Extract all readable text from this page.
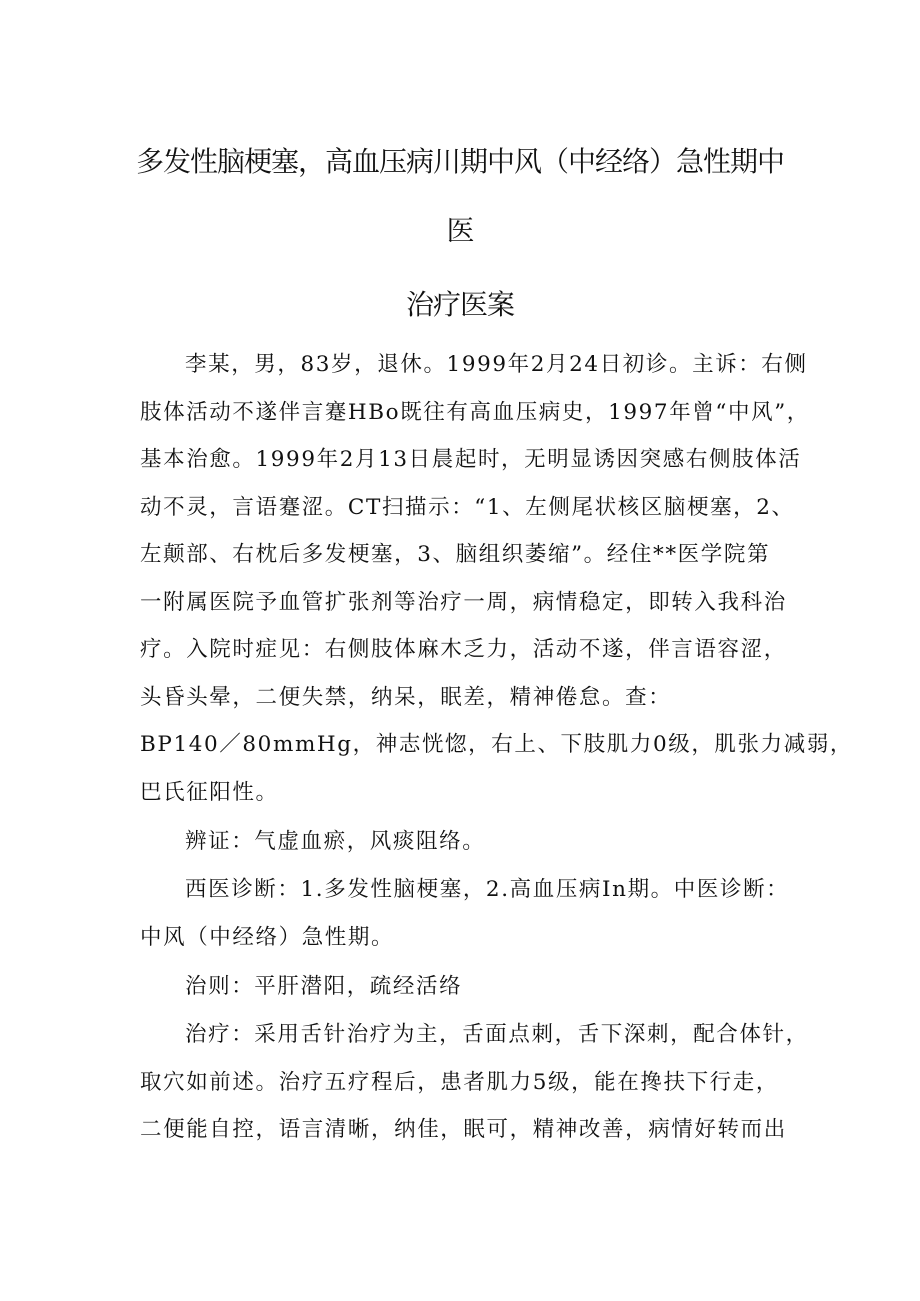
多发性脑梗塞，高血压病川期中风（中经络）急性期中
医
治疗医案
李某，男，83岁，退休。1999年2月24日初诊。主诉：右侧
肢体活动不遂伴言蹇HBo既往有高血压病史，1997年曾“中风”，
基本治愈。1999年2月13日晨起时，无明显诱因突感右侧肢体活
动不灵，言语蹇涩。CT扫描示：“1、左侧尾状核区脑梗塞，2、
左颠部、右枕后多发梗塞，3、脑组织萎缩”。经住**医学院第
一附属医院予血管扩张剂等治疗一周，病情稳定，即转入我科治
疗。入院时症见：右侧肢体麻木乏力，活动不遂，伴言语容涩，
头昏头晕，二便失禁，纳呆，眠差，精神倦怠。查：
BP140／80mmHg，神志恍惚，右上、下肢肌力0级，肌张力减弱，
巴氏征阳性。
辨证：气虚血瘀，风痰阻络。
西医诊断：1.多发性脑梗塞，2.高血压病In期。中医诊断：
中风（中经络）急性期。
治则：平肝潜阳，疏经活络
治疗：采用舌针治疗为主，舌面点刺，舌下深刺，配合体针，
取穴如前述。治疗五疗程后，患者肌力5级，能在搀扶下行走，
二便能自控，语言清晰，纳佳，眠可，精神改善，病情好转而出
